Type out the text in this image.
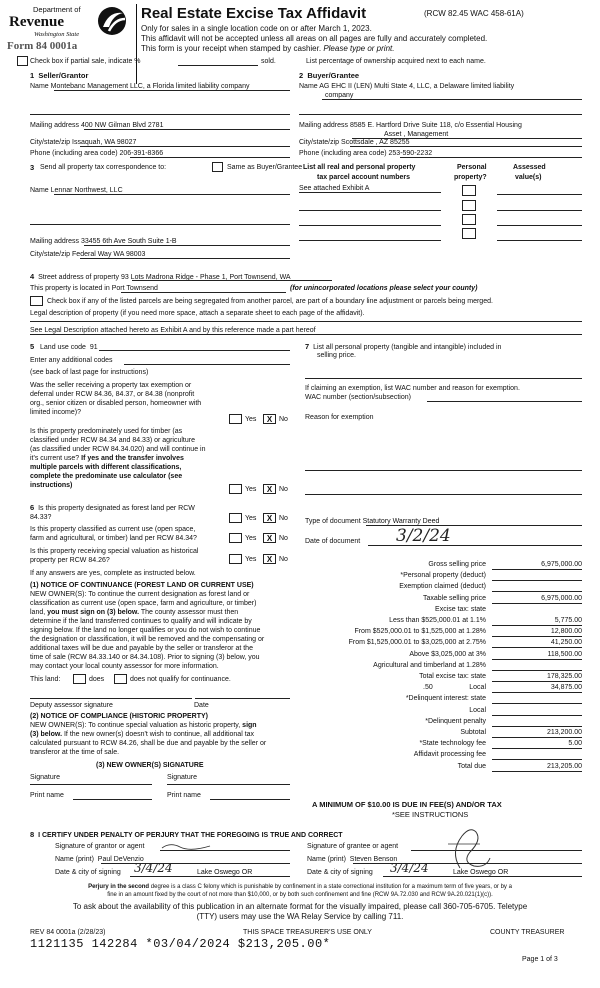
Department of
Revenue
Washington State
Form 84 0001a
Real Estate Excise Tax Affidavit	(RCW 82.45 WAC 458-61A)
Only for sales in a single location code on or after March 1, 2023.
This affidavit will not be accepted unless all areas on all pages are fully and accurately completed.
This form is your receipt when stamped by cashier. Please type or print.
Check box if partial sale, indicate %	sold.	List percentage of ownership acquired next to each name.
1 Seller/Grantor
Name Montebanc Management LLC, a Florida limited liability company
Mailing address 400 NW Gilman Blvd 2781
City/state/zip Issaquah, WA 98027
Phone (including area code) 206-391-8366
2 Buyer/Grantee
Name AG EHC II (LEN) Multi State 4, LLC, a Delaware limited liability
company
Mailing address 8585 E. Hartford Drive Suite 118, c/o Essential Housing
Asset , Management
City/state/zip Scottsdale , AZ 85255
Phone (including area code) 253-590-2232
3 Send all property tax correspondence to:	Same as Buyer/Grantee
Name Lennar Northwest, LLC
Mailing address 33455 6th Ave South Suite 1-B
City/state/zip Federal Way WA 98003
List all real and personal property
tax parcel account numbers
Personal
property?
Assessed
value(s)
See attached Exhibit A
4 Street address of property 93 Lots Madrona Ridge - Phase 1, Port Townsend, WA
This property is located in Port Townsend	(for unincorporated locations please select your county)
Check box if any of the listed parcels are being segregated from another parcel, are part of a boundary line adjustment or parcels being merged.
Legal description of property (if you need more space, attach a separate sheet to each page of the affidavit).
See Legal Description attached hereto as Exhibit A and by this reference made a part hereof
5 Land use code 91
Enter any additional codes
(see back of last page for instructions)
Was the seller receiving a property tax exemption or
deferral under RCW 84.36, 84.37, or 84.38 (nonprofit
org., senior citizen or disabled person, homeowner with
limited income)?
Yes	X No
Is this property predominately used for timber (as
classified under RCW 84.34 and 84.33) or agriculture
(as classified under RCW 84.34.020) and will continue in
it's current use? If yes and the transfer involves
multiple parcels with different classifications,
complete the predominate use calculator (see
instructions)
Yes	X No
7 List all personal property (tangible and intangible) included in
selling price.
If claiming an exemption, list WAC number and reason for exemption.
WAC number (section/subsection)
Reason for exemption
6 Is this property designated as forest land per RCW
84.33?	Yes	X No
Is this property classified as current use (open space,
farm and agricultural, or timber) land per RCW 84.34?	Yes	X No
Is this property receiving special valuation as historical
property per RCW 84.26?	Yes	X No
If any answers are yes, complete as instructed below.
(1) NOTICE OF CONTINUANCE (FOREST LAND OR CURRENT USE)
NEW OWNER(S): To continue the current designation as forest land or
classification as current use (open space, farm and agriculture, or timber)
land, you must sign on (3) below. The county assessor must then
determine if the land transferred continues to qualify and will indicate by
signing below. If the land no longer qualifies or you do not wish to continue
the designation or classification, it will be removed and the compensating or
additional taxes will be due and payable by the seller or transferor at the
time of sale (RCW 84.33.140 or 84.34.108). Prior to signing (3) below, you
may contact your local county assessor for more information.
This land:	does	does not qualify for continuance.
Deputy assessor signature	Date
(2) NOTICE OF COMPLIANCE (HISTORIC PROPERTY)
NEW OWNER(S): To continue special valuation as historic property, sign
(3) below. If the new owner(s) doesn't wish to continue, all additional tax
calculated pursuant to RCW 84.26, shall be due and payable by the seller or
transferor at the time of sale.
(3) NEW OWNER(S) SIGNATURE
Signature	Signature
Print name	Print name
Type of document Statutory Warranty Deed
Date of document 3/2/24
Gross selling price	6,975,000.00
*Personal property (deduct)
Exemption claimed (deduct)
Taxable selling price	6,975,000.00
Excise tax: state
Less than $525,000.01 at 1.1%	5,775.00
From $525,000.01 to $1,525,000 at 1.28%	12,800.00
From $1,525,000.01 to $3,025,000 at 2.75%	41,250.00
Above $3,025,000 at 3%	118,500.00
Agricultural and timberland at 1.28%
Total excise tax: state	178,325.00
Local
.50	34,875.00
*Delinquent interest: state
Local
*Delinquent penalty
Subtotal	213,200.00
*State technology fee	5.00
Affidavit processing fee
Total due	213,205.00
A MINIMUM OF $10.00 IS DUE IN FEE(S) AND/OR TAX
*SEE INSTRUCTIONS
8 I CERTIFY UNDER PENALTY OF PERJURY THAT THE FOREGOING IS TRUE AND CORRECT
Signature of grantor or agent
Name (print) Paul DeVenzio
Date & city of signing 3/4/24	Lake Oswego OR
Signature of grantee or agent
Name (print) Steven Benson
Date & city of signing 3/4/24	Lake Oswego OR
Perjury in the second degree is a class C felony which is punishable by confinement in a state correctional institution for a maximum term of five years, or by a
fine in an amount fixed by the court of not more than $10,000, or by both such confinement and fine (RCW 9A.72.030 and RCW 9A.20.021(1)(c)).
To ask about the availability of this publication in an alternate format for the visually impaired, please call 360-705-6705. Teletype
(TTY) users may use the WA Relay Service by calling 711.
REV 84 0001a (2/28/23)	THIS SPACE TREASURER'S USE ONLY	COUNTY TREASURER
1121135 142284 *03/04/2024 $213,205.00*
Page 1 of 3
